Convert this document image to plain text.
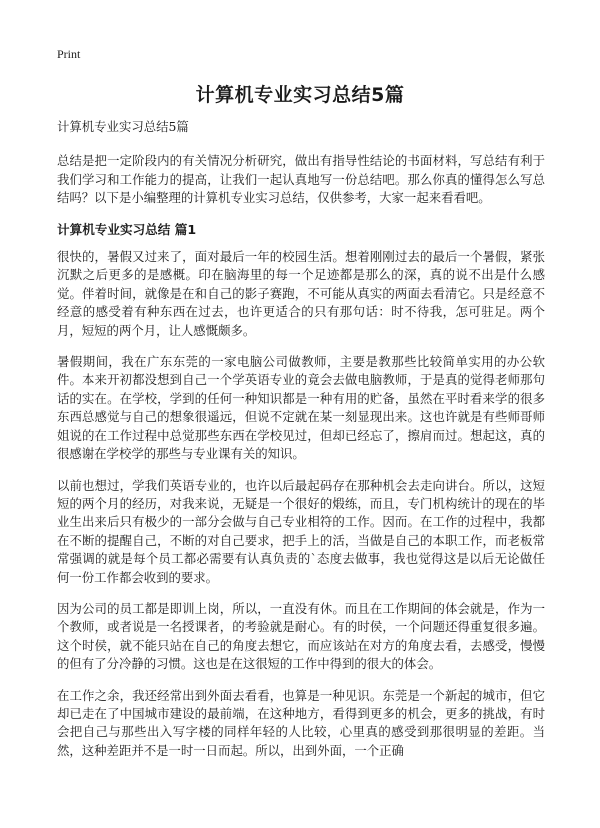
Print
计算机专业实习总结5篇

计算机专业实习总结5篇

总结是把一定阶段内的有关情况分析研究，做出有指导性结论的书面材料，写总结有利于我们学习和工作能力的提高，让我们一起认真地写一份总结吧。那么你真的懂得怎么写总结吗？以下是小编整理的计算机专业实习总结，仅供参考，大家一起来看看吧。

计算机专业实习总结 篇1

很快的，暑假又过来了，面对最后一年的校园生活。想着刚刚过去的最后一个暑假，紧张沉默之后更多的是感概。印在脑海里的每一个足迹都是那么的深，真的说不出是什么感觉。伴着时间，就像是在和自己的影子赛跑，不可能从真实的两面去看清它。只是经意不经意的感受着有种东西在过去，也许更适合的只有那句话：时不待我，怎可驻足。两个月，短短的两个月，让人感慨颇多。

暑假期间，我在广东东莞的一家电脑公司做教师，主要是教那些比较简单实用的办公软件。本来开初都没想到自己一个学英语专业的竟会去做电脑教师，于是真的觉得老师那句话的实在。在学校，学到的任何一种知识都是一种有用的贮备，虽然在平时看来学的很多东西总感觉与自己的想象很遥远，但说不定就在某一刻显现出来。这也许就是有些师哥师姐说的在工作过程中总觉那些东西在学校见过，但却已经忘了，擦肩而过。想起这，真的很感谢在学校学的那些与专业课有关的知识。

以前也想过，学我们英语专业的，也许以后最起码存在那种机会去走向讲台。所以，这短短的两个月的经历，对我来说，无疑是一个很好的煅练，而且，专门机构统计的现在的毕业生出来后只有极少的一部分会做与自己专业相符的工作。因而。在工作的过程中，我都在不断的提醒自己，不断的对自己要求，把手上的活，当做是自己的本职工作，而老板常常强调的就是每个员工都必需要有认真负责的`态度去做事，我也觉得这是以后无论做任何一份工作都会收到的要求。

因为公司的员工都是即训上岗，所以，一直没有休。而且在工作期间的体会就是，作为一个教师，或者说是一名授课者，的考验就是耐心。有的时侯，一个问题还得重复很多遍。这个时侯，就不能只站在自己的角度去想它，而应该站在对方的角度去看，去感受，慢慢的但有了分冷静的习惯。这也是在这很短的工作中得到的很大的体会。

在工作之余，我还经常出到外面去看看，也算是一种见识。东莞是一个新起的城市，但它却已走在了中国城市建设的最前端，在这种地方，看得到更多的机会，更多的挑战，有时会把自己与那些出入写字楼的同样年轻的人比较，心里真的感受到那很明显的差距。当然，这种差距并不是一时一日而起。所以，出到外面，一个正确
